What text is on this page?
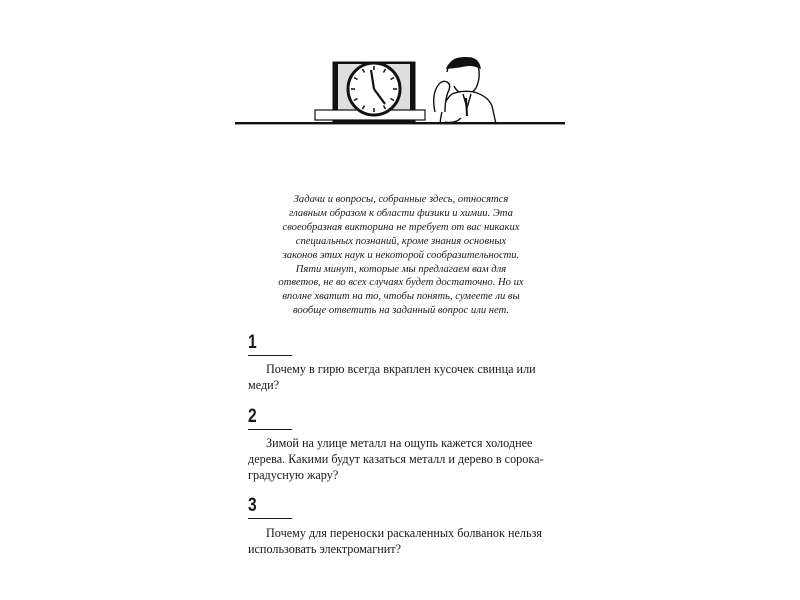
Задачи и вопросы, собранные здесь, относятся

главным образом к области физики и химии. Эта

своеобразная викторина не требует от вас никаких

специальных познаний, кроме знания основных

законов этих наук и некоторой сообразительности.

Пяти минут, которые мы предлагаем вам для

ответов, не во всех случаях будет достаточно. Но их

вполне хватит на то, чтобы понять, сумеете ли вы

вообще ответить на заданный вопрос или нет.

1
Почему в гирю всегда вкраплен кусочек свинца или
меди?
2
Зимой на улице металл на ощупь кажется холоднее
дерева. Какими будут казаться металл и дерево в сорока-
градусную жару?
3
Почему для переноски раскаленных болванок нельзя
использовать электромагнит?
